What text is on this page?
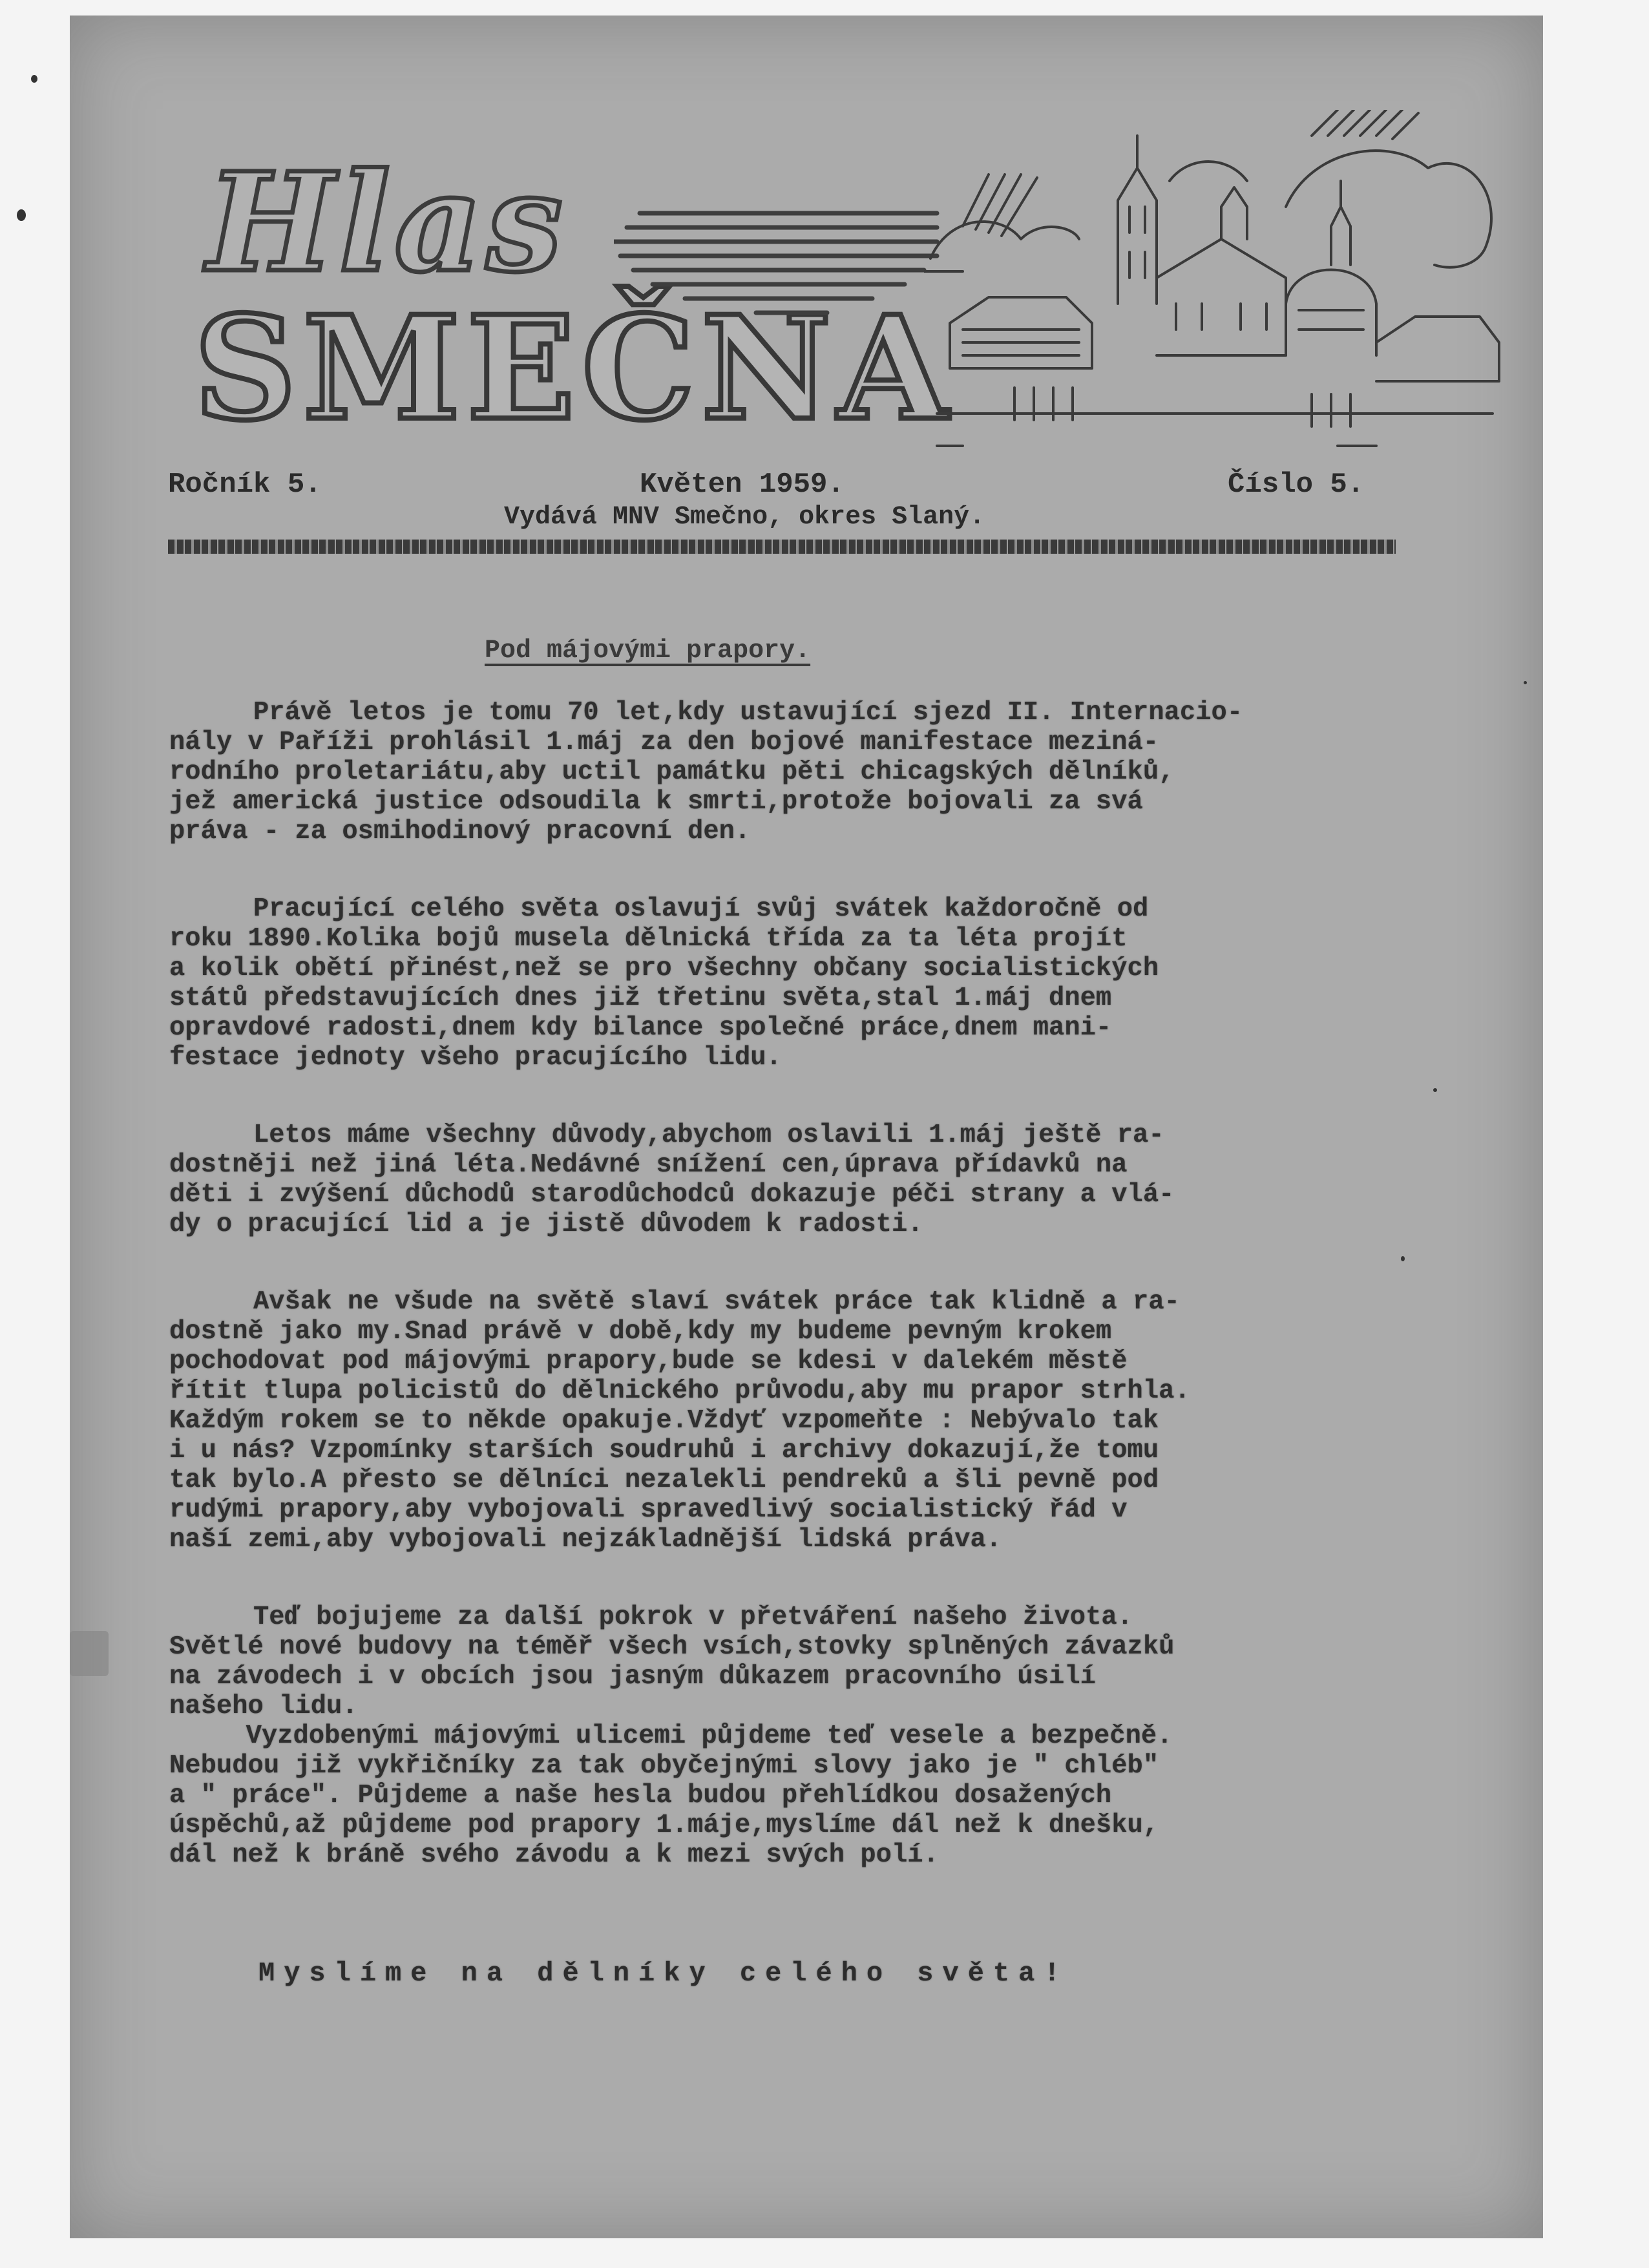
Hlas
SMEČNA
Ročník 5.	Květen 1959.	Číslo 5.
Vydává MNV Smečno, okres Slaný.
Pod májovými prapory.
Právě letos je tomu 70 let,kdy ustavující sjezd II. Internacio-
nály v Paříži prohlásil 1.máj za den bojové manifestace meziná-
rodního proletariátu,aby uctil památku pěti chicagských dělníků,
jež americká justice odsoudila k smrti,protože bojovali za svá
práva - za osmihodinový pracovní den.
Pracující celého světa oslavují svůj svátek každoročně od
roku 1890.Kolika bojů musela dělnická třída za ta léta projít
a kolik obětí přinést,než se pro všechny občany socialistických
států představujících dnes již třetinu světa,stal 1.máj dnem
opravdové radosti,dnem kdy bilance společné práce,dnem mani-
festace jednoty všeho pracujícího lidu.
Letos máme všechny důvody,abychom oslavili 1.máj ještě ra-
dostněji než jiná léta.Nedávné snížení cen,úprava přídavků na
děti i zvýšení důchodů starodůchodců dokazuje péči strany a vlá-
dy o pracující lid a je jistě důvodem k radosti.
Avšak ne všude na světě slaví svátek práce tak klidně a ra-
dostně jako my.Snad právě v době,kdy my budeme pevným krokem
pochodovat pod májovými prapory,bude se kdesi v dalekém městě
řítit tlupa policistů do dělnického průvodu,aby mu prapor strhla.
Každým rokem se to někde opakuje.Vždyť vzpomeňte : Nebývalo tak
i u nás? Vzpomínky starších soudruhů i archivy dokazují,že tomu
tak bylo.A přesto se dělníci nezalekli pendreků a šli pevně pod
rudými prapory,aby vybojovali spravedlivý socialistický řád v
naší zemi,aby vybojovali nejzákladnější lidská práva.
Teď bojujeme za další pokrok v přetváření našeho života.
Světlé nové budovy na téměř všech vsích,stovky splněných závazků
na závodech i v obcích jsou jasným důkazem pracovního úsilí
našeho lidu.
Vyzdobenými májovými ulicemi půjdeme teď vesele a bezpečně.
Nebudou již vykřičníky za tak obyčejnými slovy jako je " chléb"
a " práce". Půjdeme a naše hesla budou přehlídkou dosažených
úspěchů,až půjdeme pod prapory 1.máje,myslíme dál než k dnešku,
dál než k bráně svého závodu a k mezi svých polí.
Myslíme na dělníky celého světa!
